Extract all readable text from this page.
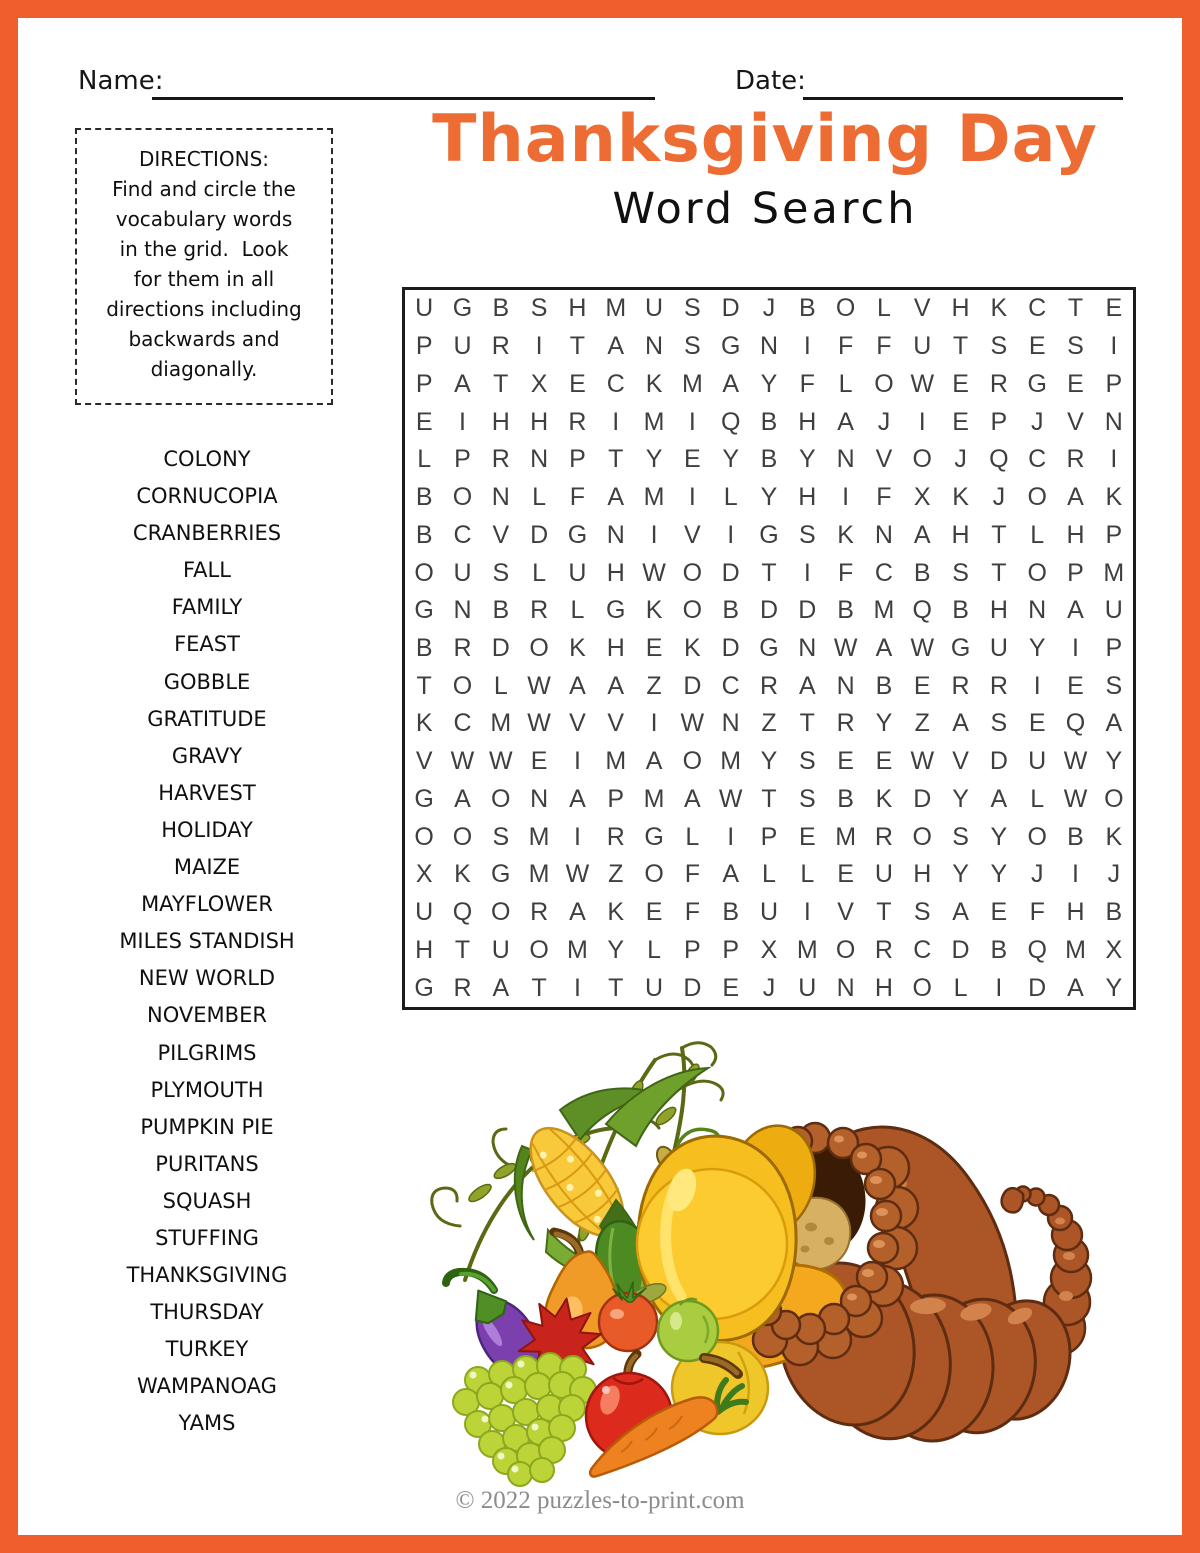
Name:	Date:
Thanksgiving Day
Word Search
DIRECTIONS:
Find and circle the
vocabulary words
in the grid.  Look
for them in all
directions including
backwards and
diagonally.
COLONY
CORNUCOPIA
CRANBERRIES
FALL
FAMILY
FEAST
GOBBLE
GRATITUDE
GRAVY
HARVEST
HOLIDAY
MAIZE
MAYFLOWER
MILES STANDISH
NEW WORLD
NOVEMBER
PILGRIMS
PLYMOUTH
PUMPKIN PIE
PURITANS
SQUASH
STUFFING
THANKSGIVING
THURSDAY
TURKEY
WAMPANOAG
YAMS
U G B S H M U S D J B O L V H K C T E
P U R	I	T A N S G N	I	F F U T S E S	I
P A T X E C K M A Y F L O W E R G E P
E	I	H H R	I M I	Q B H A J	I	E P J V N
L P R N P T Y E Y B Y N V O J Q C R	I
B O N L F A M I	L Y H	I	F X K J O A K
B C V D G N	I	V	I	G S K N A H T L H P
O U S L U H W O D T	I	F C B S T O P M
G N B R L G K O B D D B M Q B H N A U
B R D O K H E K D G N W A W G U Y	I	P
T O L W A A Z D C R A N B E R R	I	E S
K C M W V V	I W N Z T R Y Z A S E Q A
V W W E	I M A O M Y S E E W V D U W Y
G A O N A P M A W T S B K D Y A L W O
O O S M I	R G L	I	P E M R O S Y O B K
X K G M W Z O F A L L E U H Y Y J	I	J
U Q O R A K E F B U	I	V T S A E F H B
H T U O M Y L P P X M O R C D B Q M X
G R A T	I	T U D E J U N H O L	I	D A Y
© 2022 puzzles-to-print.com
